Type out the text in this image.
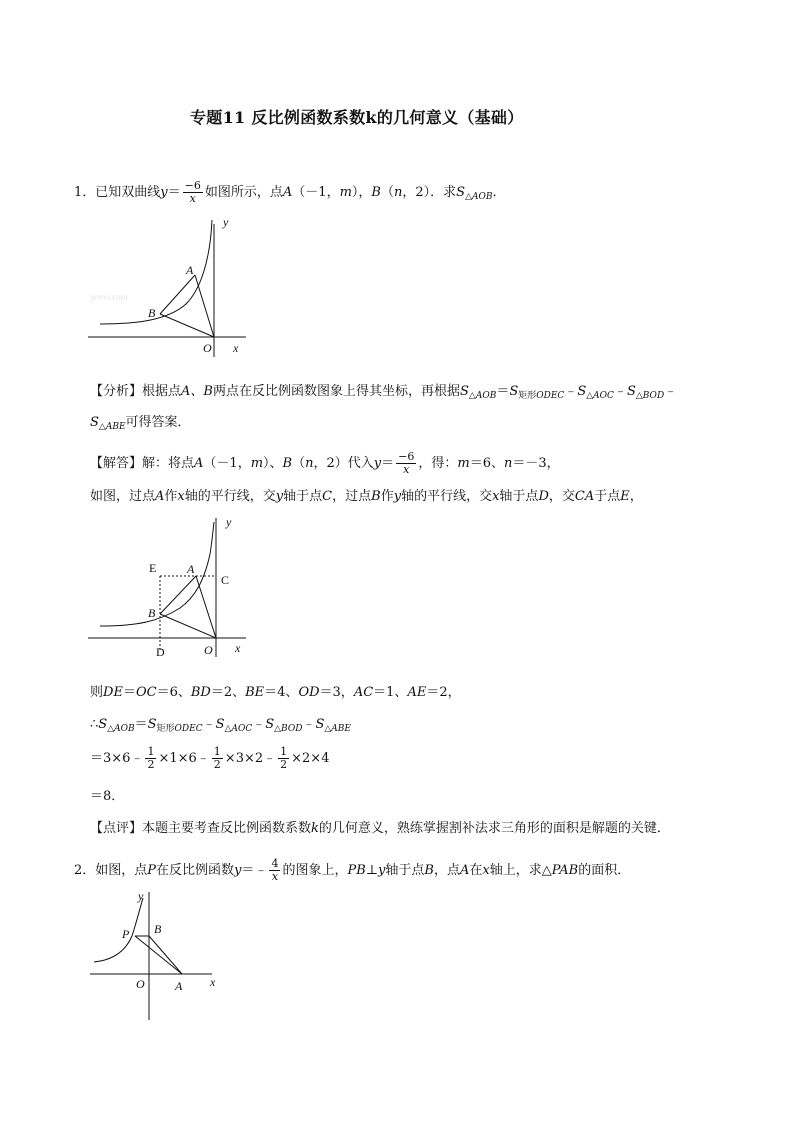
专题11 反比例函数系数k的几何意义（基础）
1．已知双曲线$y= \frac{-6}{x}$ 如图所示，点A（－1，m），B（n，2）．求$S_{\triangle AOB}$．
y
x
O
A
B
jyeoo.com
【分析】根据点A、B两点在反比例函数图象上得其坐标，再根据$S_{\triangle AOB}=S_{矩形ODEC}﹣S_{\triangle AOC}﹣S_{\triangle BOD}﹣$
$S_{\triangle ABE}$可得答案．
【解答】解：将点A（－1，m）、B（n，2）代入$y= \frac{-6}{x}$ ，得：m＝6、n＝－3，
如图，过点A作x轴的平行线，交y轴于点C，过点B作y轴的平行线，交x轴于点D，交CA于点E，
y
x
O
A
B
C
D
E
则DE＝OC＝6、BD＝2、BE＝4、OD＝3，AC＝1、AE＝2，
$\therefore S_{\triangle AOB}=S_{矩形ODEC}﹣S_{\triangle AOC}﹣S_{\triangle BOD}﹣S_{\triangle ABE}$
＝3×6﹣ $\frac{1}{2}$ ×1×6﹣ $\frac{1}{2}$ ×3×2﹣ $\frac{1}{2} \times 2\times 4$
＝8．
【点评】本题主要考查反比例函数系数k的几何意义，熟练掌握割补法求三角形的面积是解题的关键．
2．如图，点P在反比例函数y＝﹣ $\frac{4}{x}$ 的图象上，PB⊥y轴于点B，点A在x轴上，求△PAB的面积．
y
x
O	A
B
P
